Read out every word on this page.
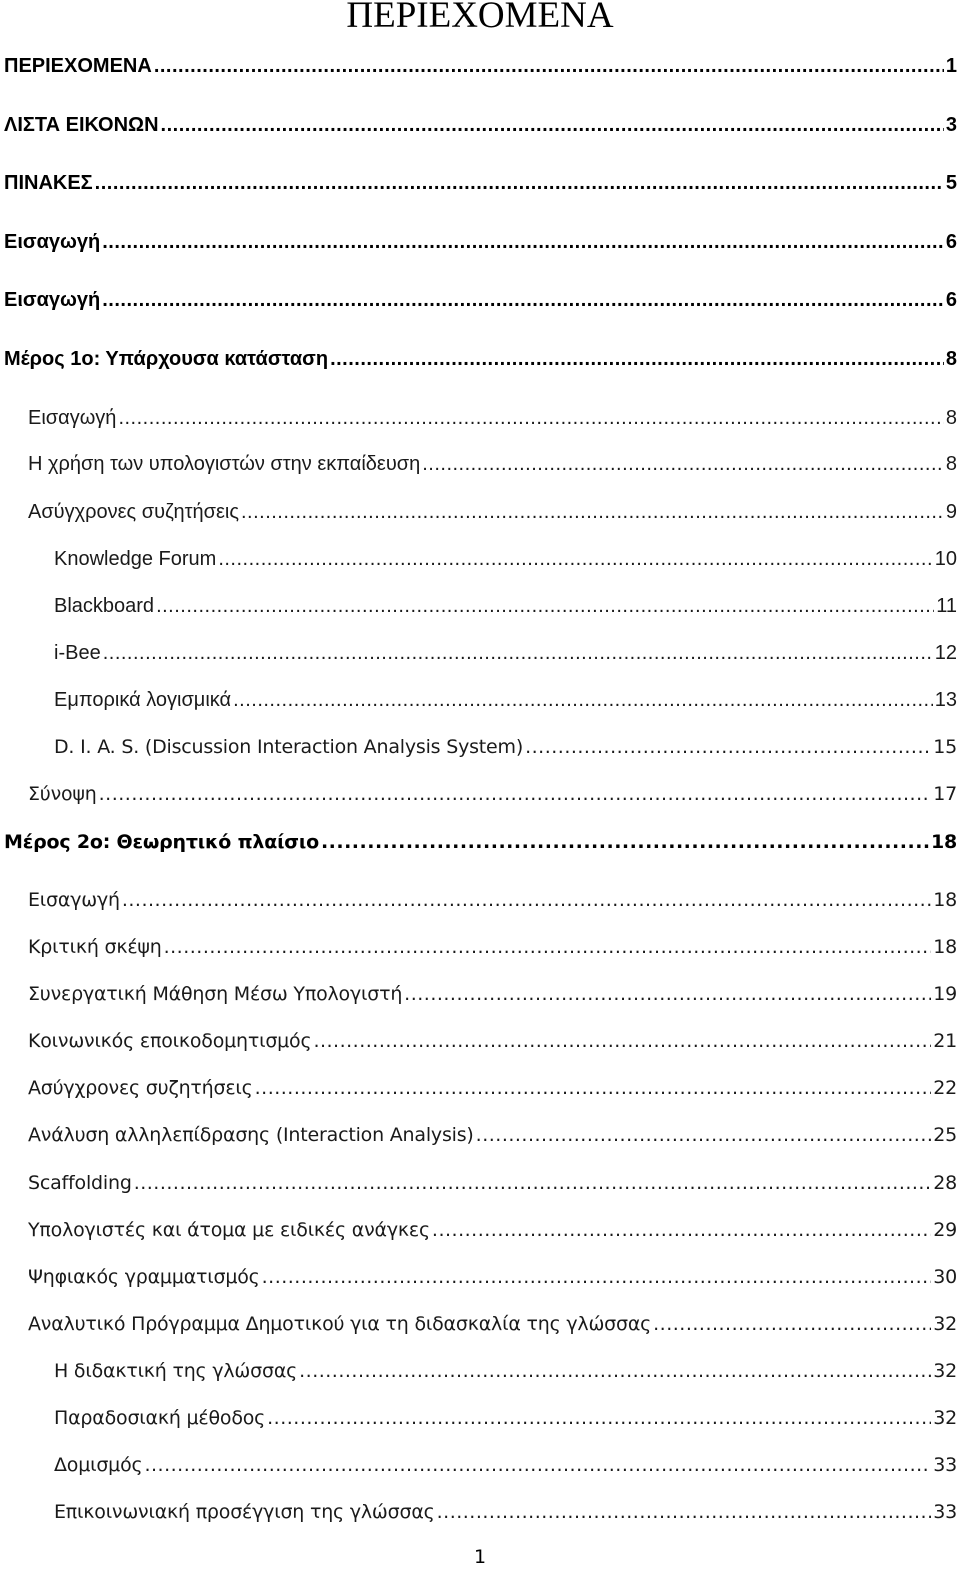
ΠΕΡΙΕΧΟΜΕΝΑ
ΠΕΡΙΕΧΟΜΕΝΑ .....	1
ΛΙΣΤΑ ΕΙΚΟΝΩΝ .....	3
ΠΙΝΑΚΕΣ .....	5
Εισαγωγή .....	6
Εισαγωγή .....	6
Μέρος 1ο: Υπάρχουσα κατάσταση .....	8
Εισαγωγή .....	8
Η χρήση των υπολογιστών στην εκπαίδευση .....	8
Ασύγχρονες συζητήσεις .....	9
Knowledge Forum .....	10
Blackboard .....	11
i-Bee .....	12
Εμπορικά λογισμικά .....	13
D. I. A. S. (Discussion Interaction Analysis System) .....	15
Σύνοψη .....	17
Μέρος 2ο: Θεωρητικό πλαίσιο .....	18
Εισαγωγή .....	18
Κριτική σκέψη .....	18
Συνεργατική Μάθηση Μέσω Υπολογιστή .....	19
Κοινωνικός εποικοδομητισμός .....	21
Ασύγχρονες συζητήσεις .....	22
Ανάλυση αλληλεπίδρασης (Interaction Analysis) .....	25
Scaffolding .....	28
Υπολογιστές και άτομα με ειδικές ανάγκες .....	29
Ψηφιακός γραμματισμός .....	30
Αναλυτικό Πρόγραμμα Δημοτικού για τη διδασκαλία της γλώσσας .....	32
Η διδακτική της γλώσσας .....	32
Παραδοσιακή μέθοδος .....	32
Δομισμός .....	33
Επικοινωνιακή προσέγγιση της γλώσσας .....	33
1
